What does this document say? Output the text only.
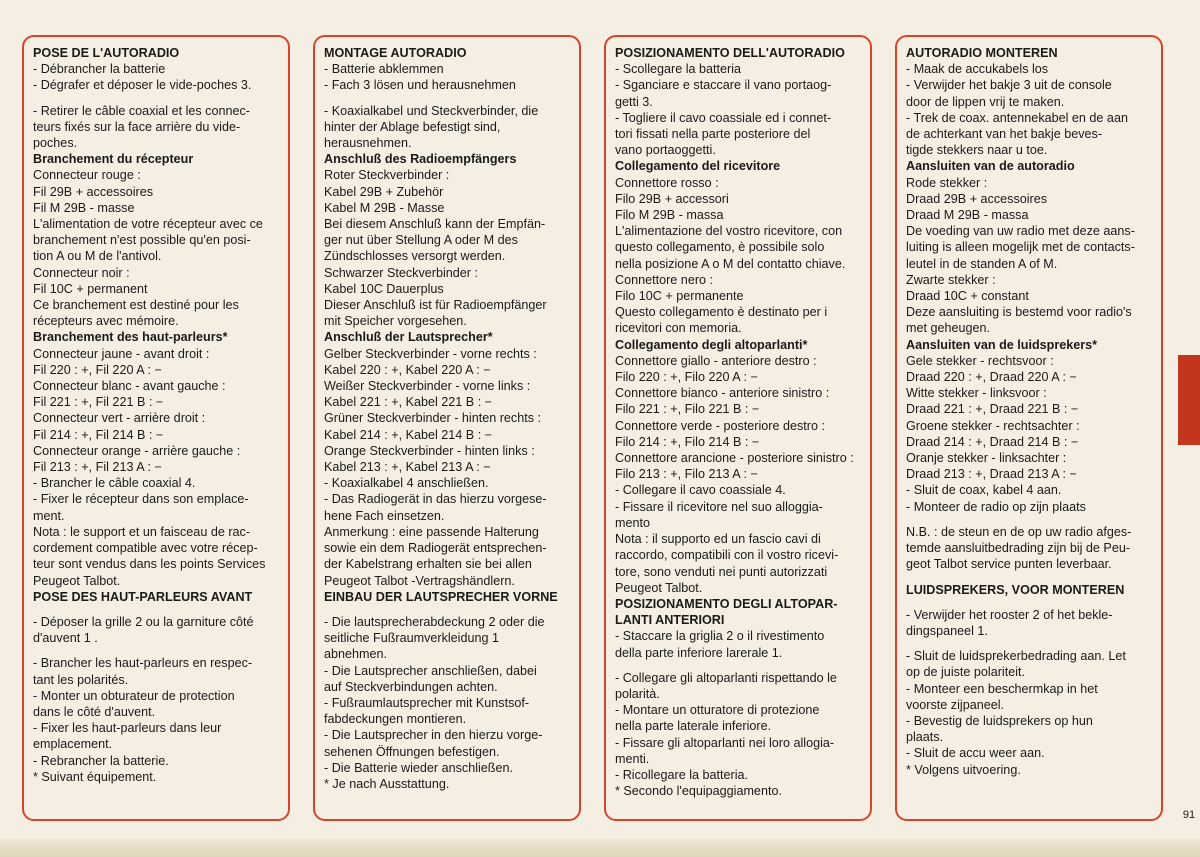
POSE DE L'AUTORADIO
- Débrancher la batterie
- Dégrafer et déposer le vide-poches 3.
- Retirer le câble coaxial et les connec-
teurs fixés sur la face arrière du vide-
poches.
Branchement du récepteur
Connecteur rouge :
Fil 29B + accessoires
Fil M 29B - masse
L'alimentation de votre récepteur avec ce
branchement n'est possible qu'en posi-
tion A ou M de l'antivol.
Connecteur noir :
Fil 10C + permanent
Ce branchement est destiné pour les
récepteurs avec mémoire.
Branchement des haut-parleurs*
Connecteur jaune - avant droit :
Fil 220 : +, Fil 220 A : −
Connecteur blanc - avant gauche :
Fil 221 : +, Fil 221 B : −
Connecteur vert - arrière droit :
Fil 214 : +, Fil 214 B : −
Connecteur orange - arrière gauche :
Fil 213 : +, Fil 213 A : −
- Brancher le câble coaxial 4.
- Fixer le récepteur dans son emplace-
ment.
Nota : le support et un faisceau de rac-
cordement compatible avec votre récep-
teur sont vendus dans les points Services
Peugeot Talbot.
POSE DES HAUT-PARLEURS AVANT
- Déposer la grille 2 ou la garniture côté
d'auvent 1 .
- Brancher les haut-parleurs en respec-
tant les polarités.
- Monter un obturateur de protection
dans le côté d'auvent.
- Fixer les haut-parleurs dans leur
emplacement.
- Rebrancher la batterie.
* Suivant équipement.
MONTAGE AUTORADIO
- Batterie abklemmen
- Fach 3 lösen und herausnehmen
- Koaxialkabel und Steckverbinder, die
hinter der Ablage befestigt sind,
herausnehmen.
Anschluß des Radioempfängers
Roter Steckverbinder :
Kabel 29B + Zubehör
Kabel M 29B - Masse
Bei diesem Anschluß kann der Empfän-
ger nut über Stellung A oder M des
Zündschlosses versorgt werden.
Schwarzer Steckverbinder :
Kabel 10C Dauerplus
Dieser Anschluß ist für Radioempfänger
mit Speicher vorgesehen.
Anschluß der Lautsprecher*
Gelber Steckverbinder - vorne rechts :
Kabel 220 : +, Kabel 220 A : −
Weißer Steckverbinder - vorne links :
Kabel 221 : +, Kabel 221 B : −
Grüner Steckverbinder - hinten rechts :
Kabel 214 : +, Kabel 214 B : −
Orange Steckverbinder - hinten links :
Kabel 213 : +, Kabel 213 A : −
- Koaxialkabel 4 anschließen.
- Das Radiogerät in das hierzu vorgese-
hene Fach einsetzen.
Anmerkung : eine passende Halterung
sowie ein dem Radiogerät entsprechen-
der Kabelstrang erhalten sie bei allen
Peugeot Talbot -Vertragshändlern.
EINBAU DER LAUTSPRECHER VORNE
- Die lautsprecherabdeckung 2 oder die
seitliche Fußraumverkleidung 1
abnehmen.
- Die Lautsprecher anschließen, dabei
auf Steckverbindungen achten.
- Fußraumlautsprecher mit Kunstsof-
fabdeckungen montieren.
- Die Lautsprecher in den hierzu vorge-
sehenen Öffnungen befestigen.
- Die Batterie wieder anschließen.
* Je nach Ausstattung.
POSIZIONAMENTO DELL'AUTORADIO
- Scollegare la batteria
- Sganciare e staccare il vano portaog-
getti 3.
- Togliere il cavo coassiale ed i connet-
tori fissati nella parte posteriore del
vano portaoggetti.
Collegamento del ricevitore
Connettore rosso :
Filo 29B + accessori
Filo M 29B - massa
L'alimentazione del vostro ricevitore, con
questo collegamento, è possibile solo
nella posizione A o M del contatto chiave.
Connettore nero :
Filo 10C + permanente
Questo collegamento è destinato per i
ricevitori con memoria.
Collegamento degli altoparlanti*
Connettore giallo - anteriore destro :
Filo 220 : +, Filo 220 A : −
Connettore bianco - anteriore sinistro :
Filo 221 : +, Filo 221 B : −
Connettore verde - posteriore destro :
Filo 214 : +, Filo 214 B : −
Connettore arancione - posteriore sinistro :
Filo 213 : +, Filo 213 A : −
- Collegare il cavo coassiale 4.
- Fissare il ricevitore nel suo alloggia-
mento
Nota : il supporto ed un fascio cavi di
raccordo, compatibili con il vostro ricevi-
tore, sono venduti nei punti autorizzati
Peugeot Talbot.
POSIZIONAMENTO DEGLI ALTOPAR-
LANTI ANTERIORI
- Staccare la griglia 2 o il rivestimento
della parte inferiore larerale 1.
- Collegare gli altoparlanti rispettando le
polarità.
- Montare un otturatore di protezione
nella parte laterale inferiore.
- Fissare gli altoparlanti nei loro allogia-
menti.
- Ricollegare la batteria.
* Secondo l'equipaggiamento.
AUTORADIO MONTEREN
- Maak de accukabels los
- Verwijder het bakje 3 uit de console
door de lippen vrij te maken.
- Trek de coax. antennekabel en de aan
de achterkant van het bakje beves-
tigde stekkers naar u toe.
Aansluiten van de autoradio
Rode stekker :
Draad 29B + accessoires
Draad M 29B - massa
De voeding van uw radio met deze aans-
luiting is alleen mogelijk met de contacts-
leutel in de standen A of M.
Zwarte stekker :
Draad 10C + constant
Deze aansluiting is bestemd voor radio's
met geheugen.
Aansluiten van de luidsprekers*
Gele stekker - rechtsvoor :
Draad 220 : +, Draad 220 A : −
Witte stekker - linksvoor :
Draad 221 : +, Draad 221 B : −
Groene stekker - rechtsachter :
Draad 214 : +, Draad 214 B : −
Oranje stekker - linksachter :
Draad 213 : +, Draad 213 A : −
- Sluit de coax, kabel 4 aan.
- Monteer de radio op zijn plaats
N.B. : de steun en de op uw radio afges-
temde aansluitbedrading zijn bij de Peu-
geot Talbot service punten leverbaar.
LUIDSPREKERS, VOOR MONTEREN
- Verwijder het rooster 2 of het bekle-
dingspaneel 1.
- Sluit de luidsprekerbedrading aan. Let
op de juiste polariteit.
- Monteer een beschermkap in het
voorste zijpaneel.
- Bevestig de luidsprekers op hun
plaats.
- Sluit de accu weer aan.
* Volgens uitvoering.
91
